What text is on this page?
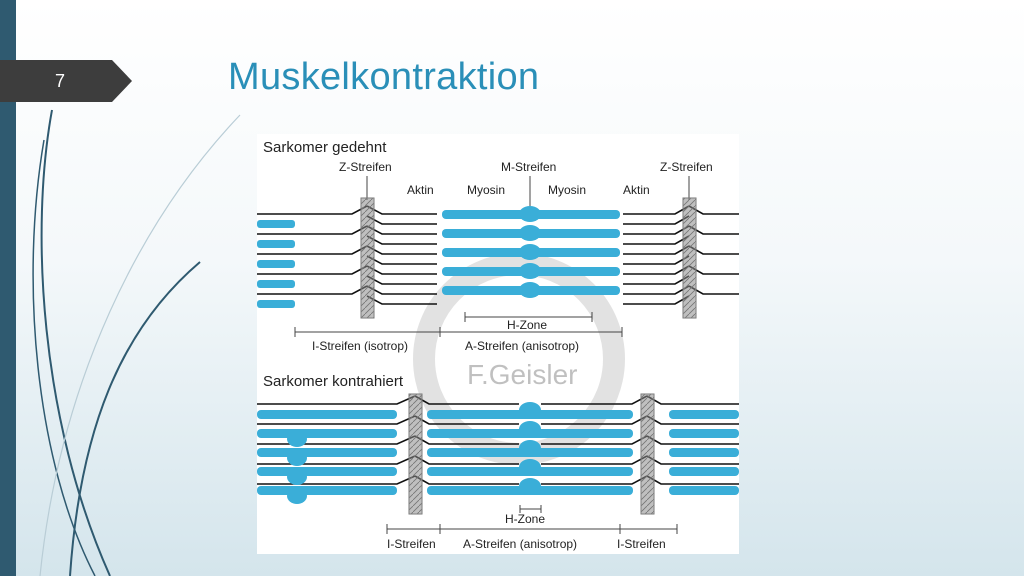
7	Muskelkontraktion
F.Geisler
Sarkomer gedehnt
Sarkomer kontrahiert
Z-Streifen	M-Streifen	Z-Streifen
Aktin	Myosin	Myosin	Aktin
H-Zone
I-Streifen (isotrop)	A-Streifen (anisotrop)
H-Zone
I-Streifen A-Streifen (anisotrop)	I-Streifen
